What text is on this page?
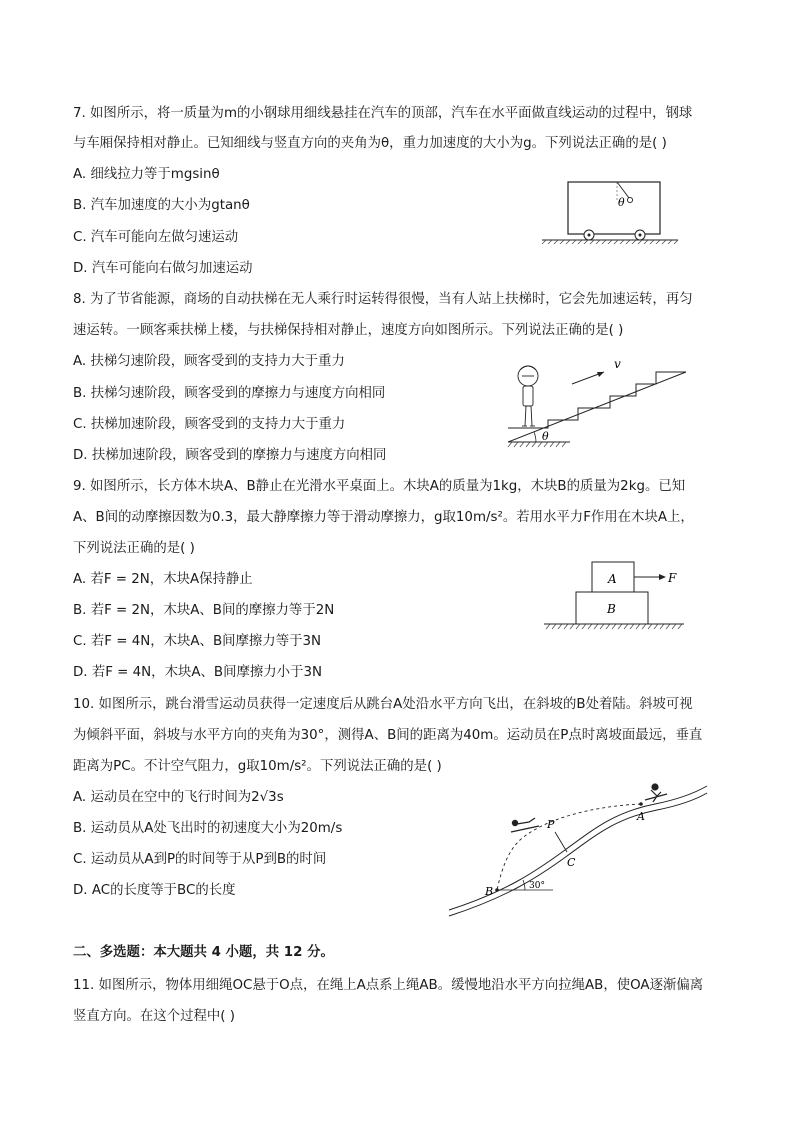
7. 如图所示，将一质量为m的小钢球用细线悬挂在汽车的顶部，汽车在水平面做直线运动的过程中，钢球
与车厢保持相对静止。已知细线与竖直方向的夹角为θ，重力加速度的大小为g。下列说法正确的是( )
A. 细线拉力等于mgsinθ
B. 汽车加速度的大小为gtanθ
C. 汽车可能向左做匀速运动
D. 汽车可能向右做匀加速运动
θ
8. 为了节省能源，商场的自动扶梯在无人乘行时运转得很慢，当有人站上扶梯时，它会先加速运转，再匀
速运转。一顾客乘扶梯上楼，与扶梯保持相对静止，速度方向如图所示。下列说法正确的是( )
A. 扶梯匀速阶段，顾客受到的支持力大于重力
B. 扶梯匀速阶段，顾客受到的摩擦力与速度方向相同
C. 扶梯加速阶段，顾客受到的支持力大于重力
D. 扶梯加速阶段，顾客受到的摩擦力与速度方向相同
θ
v
9. 如图所示，长方体木块A、B静止在光滑水平桌面上。木块A的质量为1kg，木块B的质量为2kg。已知
A、B间的动摩擦因数为0.3，最大静摩擦力等于滑动摩擦力，g取10m/s²。若用水平力F作用在木块A上，
下列说法正确的是( )
A. 若F = 2N，木块A保持静止
B. 若F = 2N，木块A、B间的摩擦力等于2N
C. 若F = 4N，木块A、B间摩擦力等于3N
D. 若F = 4N，木块A、B间摩擦力小于3N
A
B
F
10. 如图所示，跳台滑雪运动员获得一定速度后从跳台A处沿水平方向飞出，在斜坡的B处着陆。斜坡可视
为倾斜平面，斜坡与水平方向的夹角为30°，测得A、B间的距离为40m。运动员在P点时离坡面最远，垂直
距离为PC。不计空气阻力，g取10m/s²。下列说法正确的是( )
A. 运动员在空中的飞行时间为2√3s
B. 运动员从A处飞出时的初速度大小为20m/s
C. 运动员从A到P的时间等于从P到B的时间
D. AC的长度等于BC的长度
A
B
C
P
30°
二、多选题：本大题共 4 小题，共 12 分。
11. 如图所示，物体用细绳OC悬于O点，在绳上A点系上绳AB。缓慢地沿水平方向拉绳AB，使OA逐渐偏离
竖直方向。在这个过程中( )
